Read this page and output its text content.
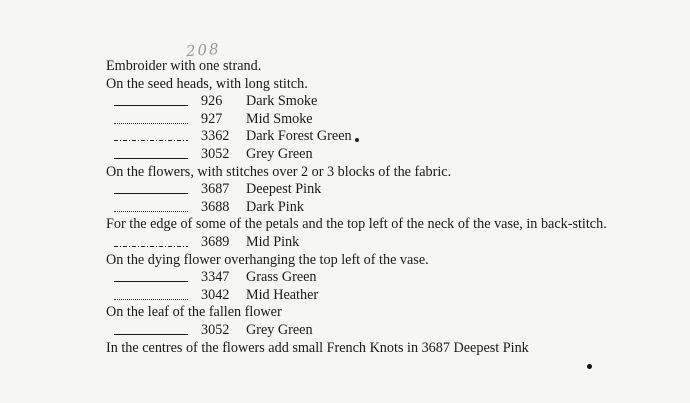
208
Embroider with one strand.
On the seed heads, with long stitch.
926 Dark Smoke
927 Mid Smoke
3362 Dark Forest Green
3052 Grey Green
On the flowers, with stitches over 2 or 3 blocks of the fabric.
3687 Deepest Pink
3688 Dark Pink
For the edge of some of the petals and the top left of the neck of the vase, in back-stitch.
3689 Mid Pink
On the dying flower overhanging the top left of the vase.
3347 Grass Green
3042 Mid Heather
On the leaf of the fallen flower
3052 Grey Green
In the centres of the flowers add small French Knots in 3687 Deepest Pink
